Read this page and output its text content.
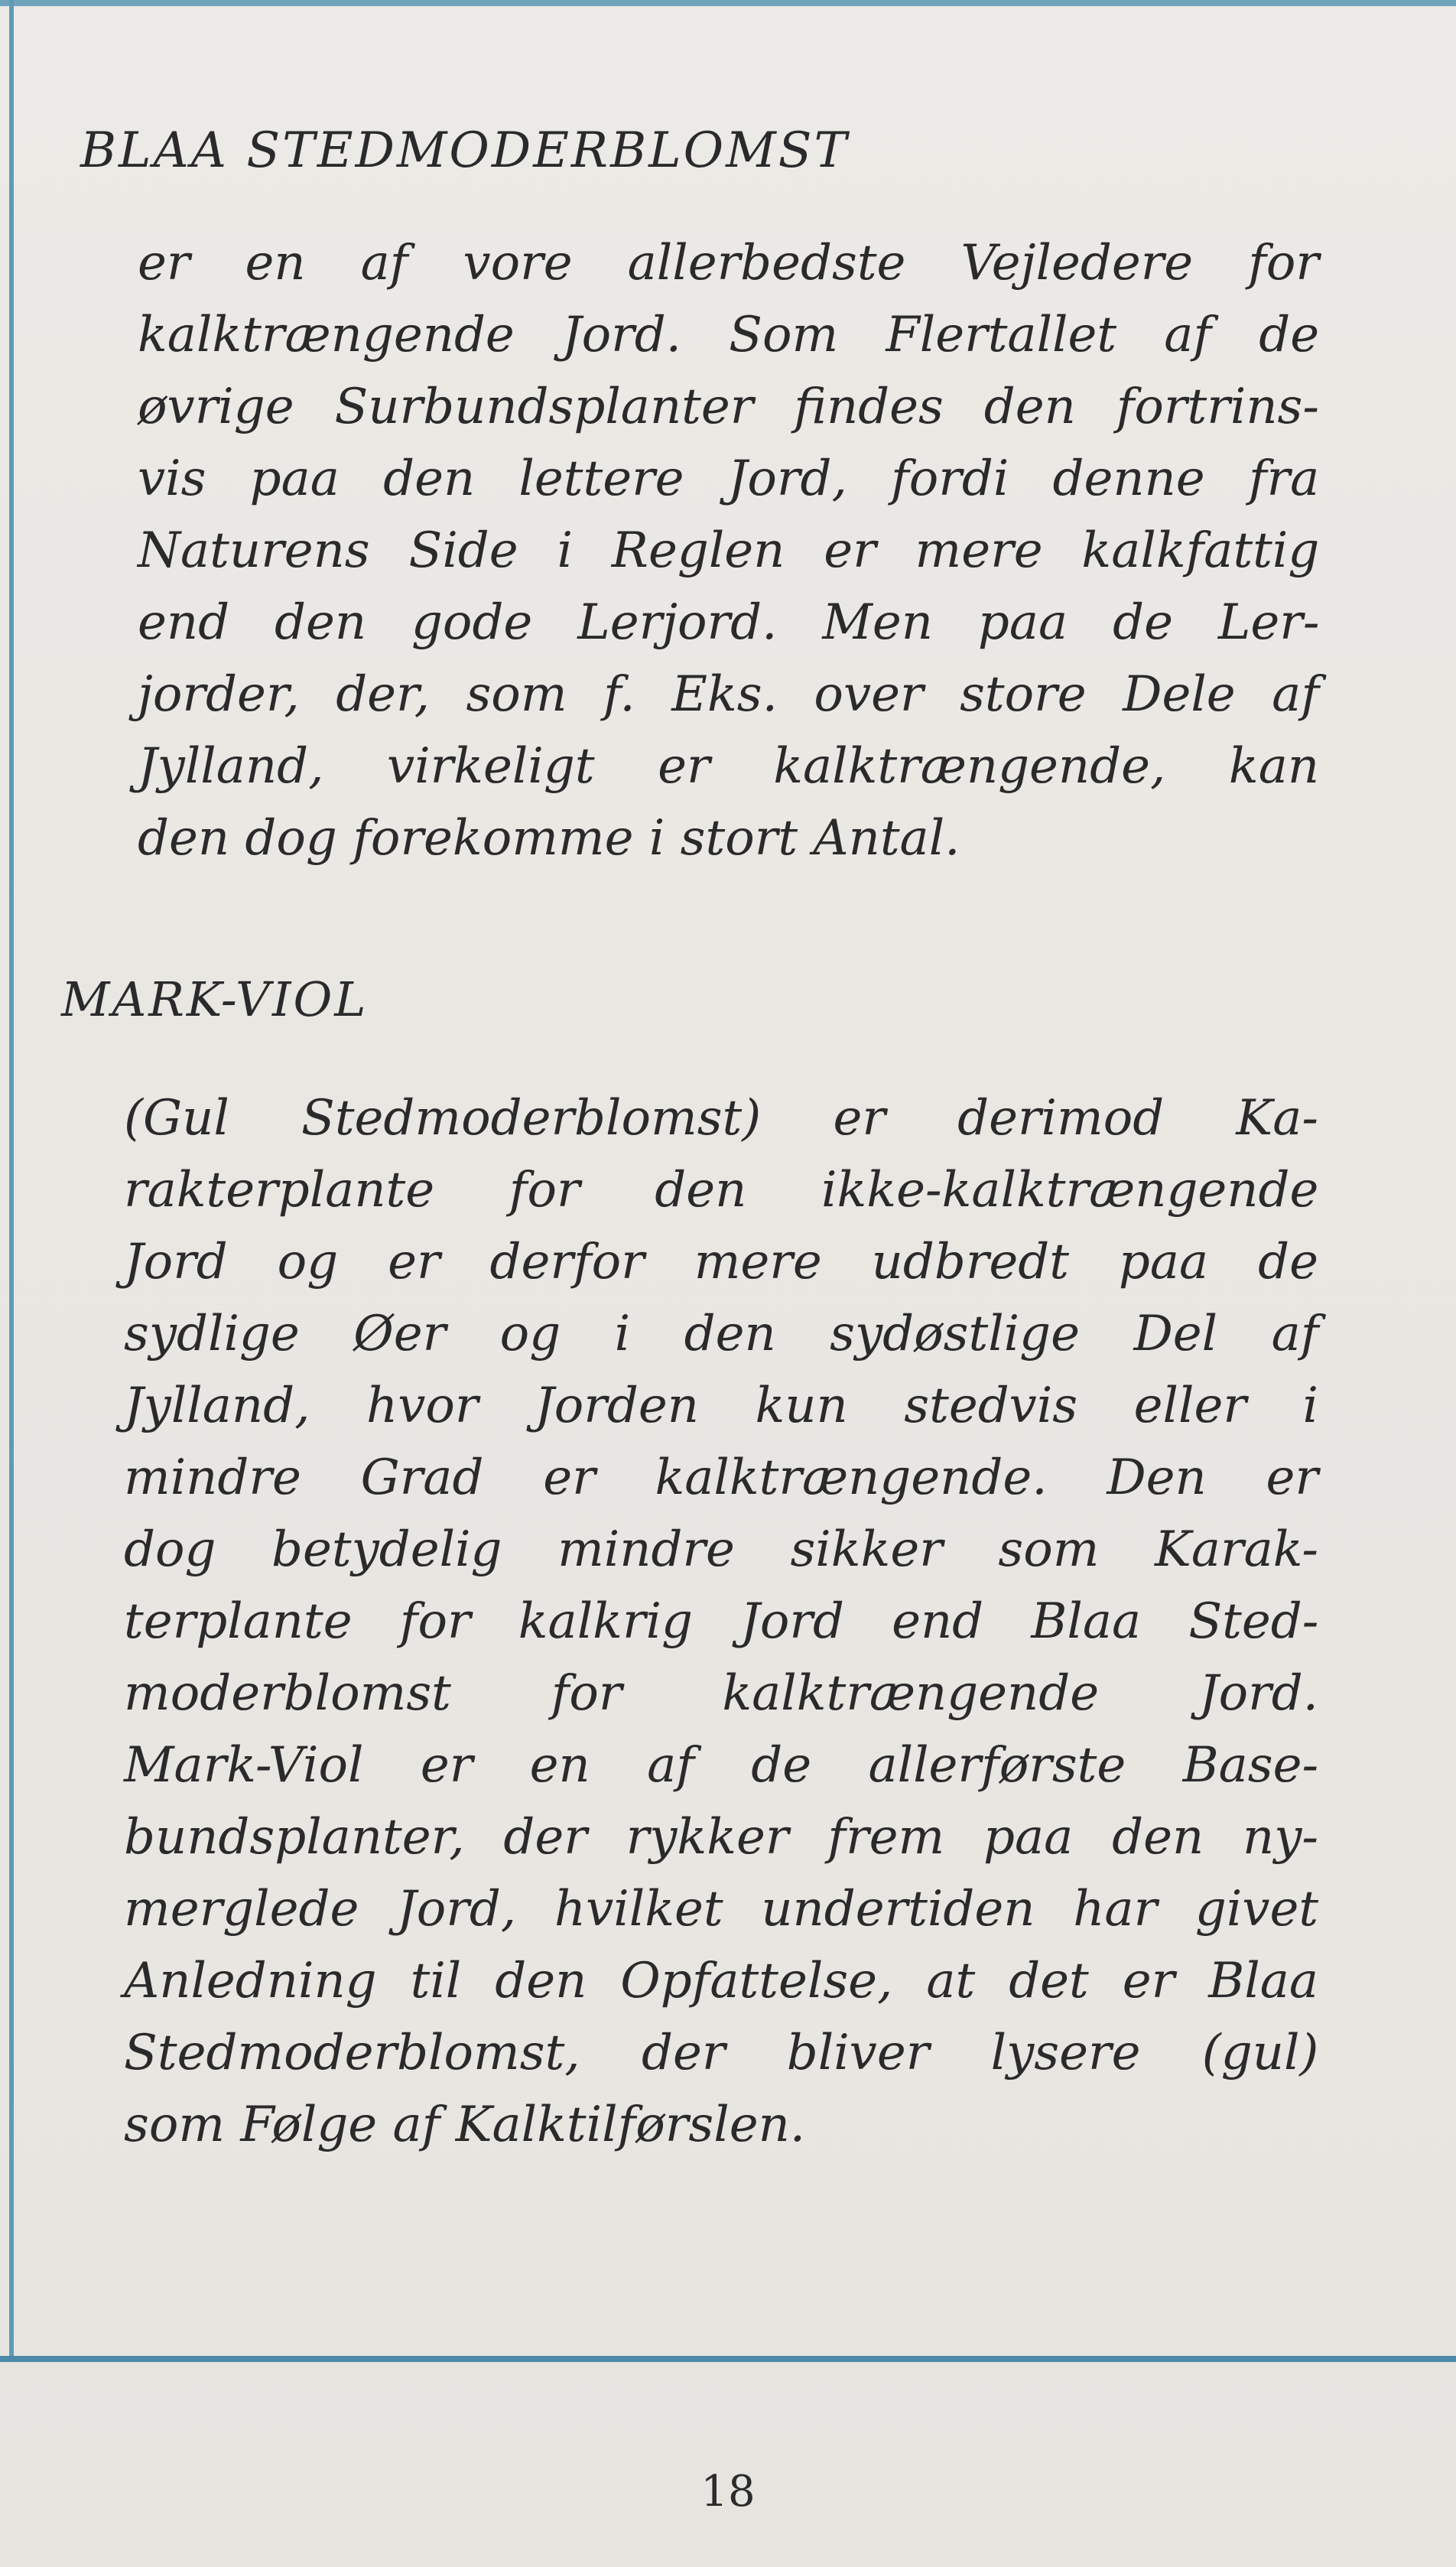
BLAA STEDMODERBLOMST
er en af vore allerbedste Vejledere for
kalktrængende Jord. Som Flertallet af de
øvrige Surbundsplanter findes den fortrins-
vis paa den lettere Jord, fordi denne fra
Naturens Side i Reglen er mere kalkfattig
end den gode Lerjord. Men paa de Ler-
jorder, der, som f. Eks. over store Dele af
Jylland, virkeligt er kalktrængende, kan
den dog forekomme i stort Antal.
MARK-VIOL
(Gul Stedmoderblomst) er derimod Ka-
rakterplante for den ikke-kalktrængende
Jord og er derfor mere udbredt paa de
sydlige Øer og i den sydøstlige Del af
Jylland, hvor Jorden kun stedvis eller i
mindre Grad er kalktrængende. Den er
dog betydelig mindre sikker som Karak-
terplante for kalkrig Jord end Blaa Sted-
moderblomst for kalktrængende Jord.
Mark-Viol er en af de allerførste Base-
bundsplanter, der rykker frem paa den ny-
merglede Jord, hvilket undertiden har givet
Anledning til den Opfattelse, at det er Blaa
Stedmoderblomst, der bliver lysere (gul)
som Følge af Kalktilførslen.
18
